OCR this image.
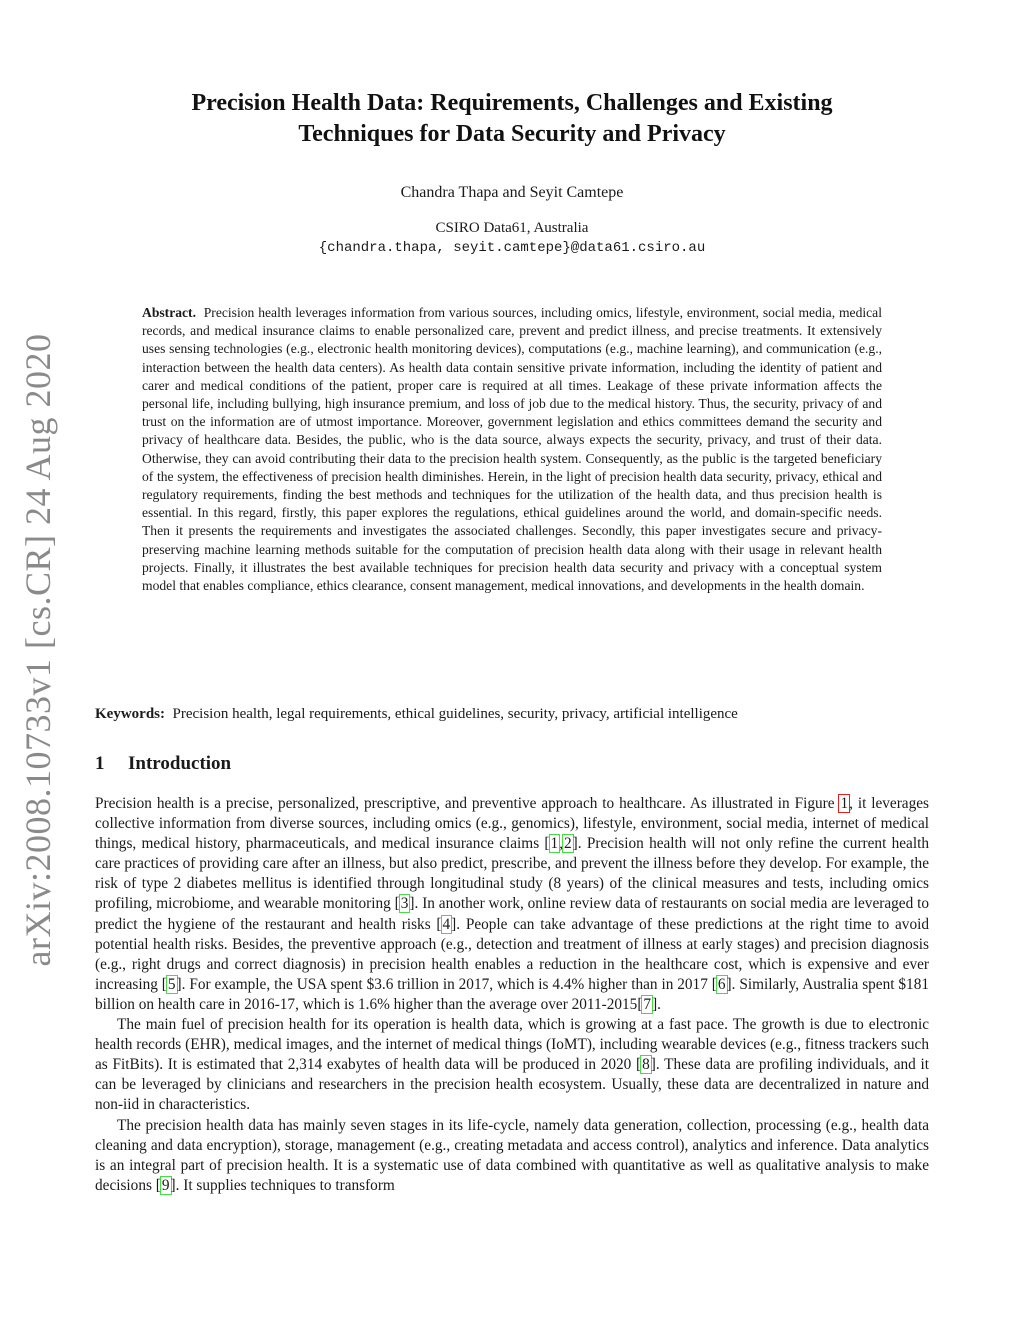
arXiv:2008.10733v1 [cs.CR] 24 Aug 2020
Precision Health Data: Requirements, Challenges and Existing
Techniques for Data Security and Privacy
Chandra Thapa and Seyit Camtepe
CSIRO Data61, Australia
{chandra.thapa, seyit.camtepe}@data61.csiro.au

Abstract. Precision health leverages information from various sources, including omics, lifestyle, environment, social media, medical records, and medical insurance claims to enable personalized care, prevent and predict illness, and precise treatments. It extensively uses sensing technologies (e.g., electronic health monitoring devices), computations (e.g., machine learning), and communication (e.g., interaction between the health data centers). As health data contain sensitive private information, including the identity of patient and carer and medical conditions of the patient, proper care is required at all times. Leakage of these private information affects the personal life, including bullying, high insurance premium, and loss of job due to the medical history. Thus, the security, privacy of and trust on the information are of utmost importance. Moreover, government legislation and ethics committees demand the security and privacy of healthcare data. Besides, the public, who is the data source, always expects the security, privacy, and trust of their data. Otherwise, they can avoid contributing their data to the precision health system. Consequently, as the public is the targeted beneficiary of the system, the effectiveness of precision health diminishes. Herein, in the light of precision health data security, privacy, ethical and regulatory requirements, finding the best methods and techniques for the utilization of the health data, and thus precision health is essential. In this regard, firstly, this paper explores the regulations, ethical guidelines around the world, and domain-specific needs. Then it presents the requirements and investigates the associated challenges. Secondly, this paper investigates secure and privacy-preserving machine learning methods suitable for the computation of precision health data along with their usage in relevant health projects. Finally, it illustrates the best available techniques for precision health data security and privacy with a conceptual system model that enables compliance, ethics clearance, consent management, medical innovations, and developments in the health domain.

Keywords: Precision health, legal requirements, ethical guidelines, security, privacy, artificial intelligence

1 Introduction

Precision health is a precise, personalized, prescriptive, and preventive approach to healthcare. As illustrated in Figure 1, it leverages collective information from diverse sources, including omics (e.g., genomics), lifestyle, environment, social media, internet of medical things, medical history, pharmaceuticals, and medical insurance claims [1,2]. Precision health will not only refine the current health care practices of providing care after an illness, but also predict, prescribe, and prevent the illness before they develop. For example, the risk of type 2 diabetes mellitus is identified through longitudinal study (8 years) of the clinical measures and tests, including omics profiling, microbiome, and wearable monitoring [3]. In another work, online review data of restaurants on social media are leveraged to predict the hygiene of the restaurant and health risks [4]. People can take advantage of these predictions at the right time to avoid potential health risks. Besides, the preventive approach (e.g., detection and treatment of illness at early stages) and precision diagnosis (e.g., right drugs and correct diagnosis) in precision health enables a reduction in the healthcare cost, which is expensive and ever increasing [5]. For example, the USA spent $3.6 trillion in 2017, which is 4.4% higher than in 2017 [6]. Similarly, Australia spent $181 billion on health care in 2016-17, which is 1.6% higher than the average over 2011-2015[7].

The main fuel of precision health for its operation is health data, which is growing at a fast pace. The growth is due to electronic health records (EHR), medical images, and the internet of medical things (IoMT), including wearable devices (e.g., fitness trackers such as FitBits). It is estimated that 2,314 exabytes of health data will be produced in 2020 [8]. These data are profiling individuals, and it can be leveraged by clinicians and researchers in the precision health ecosystem. Usually, these data are decentralized in nature and non-iid in characteristics.

The precision health data has mainly seven stages in its life-cycle, namely data generation, collection, processing (e.g., health data cleaning and data encryption), storage, management (e.g., creating metadata and access control), analytics and inference. Data analytics is an integral part of precision health. It is a systematic use of data combined with quantitative as well as qualitative analysis to make decisions [9]. It supplies techniques to transform
